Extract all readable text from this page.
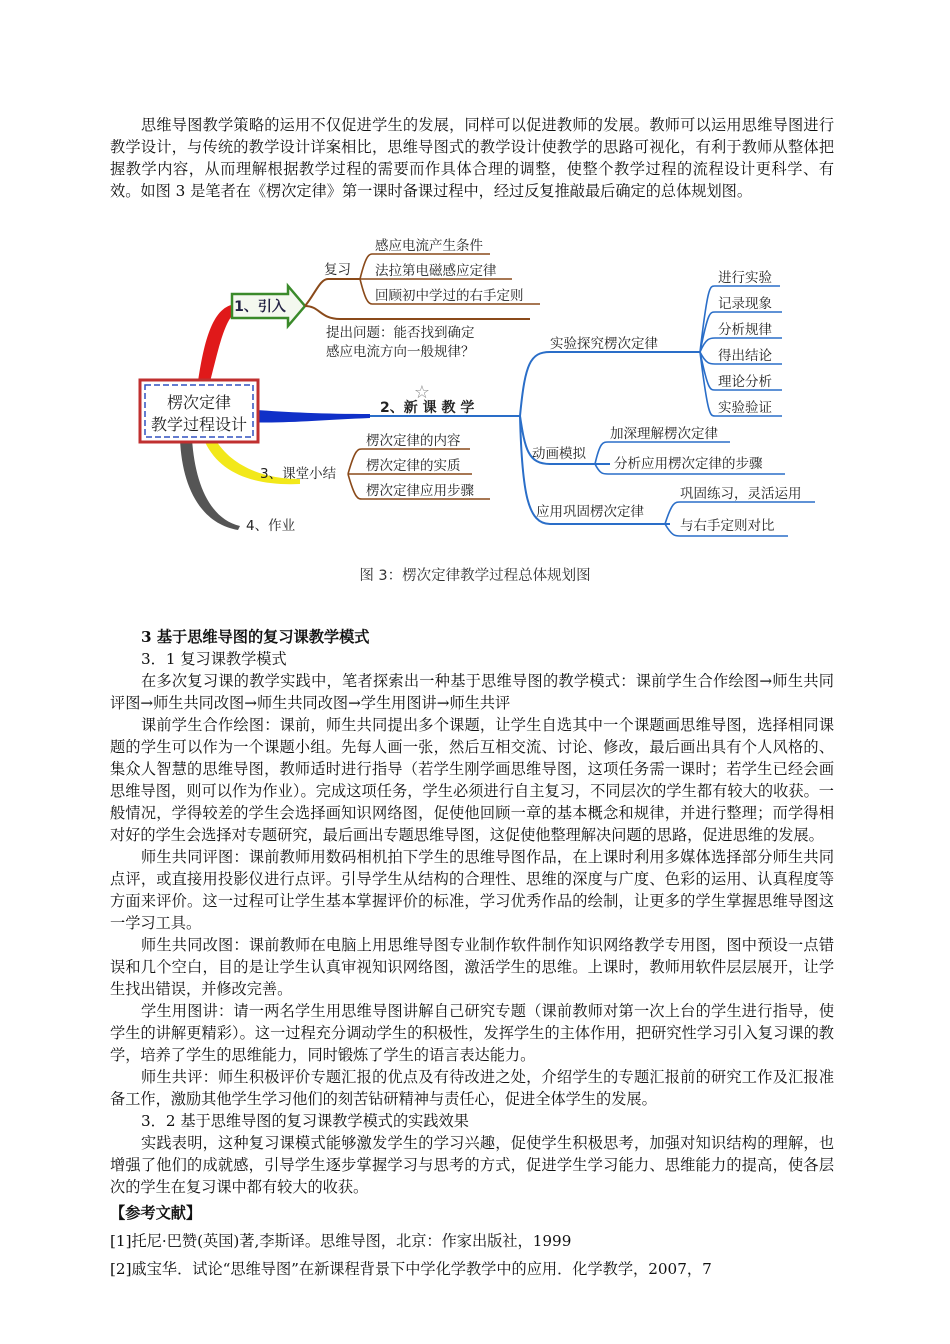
思维导图教学策略的运用不仅促进学生的发展，同样可以促进教师的发展。教师可以运用思维导图进行教学设计，与传统的教学设计详案相比，思维导图式的教学设计使教学的思路可视化，有利于教师从整体把握教学内容，从而理解根据教学过程的需要而作具体合理的调整，使整个教学过程的流程设计更科学、有效。如图 3 是笔者在《楞次定律》第一课时备课过程中，经过反复推敲最后确定的总体规划图。

楞次定律
教学过程设计
1、引入
复习
感应电流产生条件
法拉第电磁感应定律
回顾初中学过的右手定则
提出问题：能否找到确定
感应电流方向一般规律？
2、新 课 教 学
☆
实验探究楞次定律
动画模拟
应用巩固楞次定律
进行实验
记录现象
分析规律
得出结论
理论分析
实验验证
加深理解楞次定律
分析应用楞次定律的步骤
巩固练习，灵活运用
与右手定则对比
3、课堂小结
楞次定律的内容
楞次定律的实质
楞次定律应用步骤
4、作业
图 3：楞次定律教学过程总体规划图

3 基于思维导图的复习课教学模式

3．1 复习课教学模式

在多次复习课的教学实践中，笔者探索出一种基于思维导图的教学模式：课前学生合作绘图→师生共同评图→师生共同改图→师生共同改图→学生用图讲→师生共评

课前学生合作绘图：课前，师生共同提出多个课题，让学生自选其中一个课题画思维导图，选择相同课题的学生可以作为一个课题小组。先每人画一张，然后互相交流、讨论、修改，最后画出具有个人风格的、集众人智慧的思维导图，教师适时进行指导（若学生刚学画思维导图，这项任务需一课时；若学生已经会画思维导图，则可以作为作业）。完成这项任务，学生必须进行自主复习，不同层次的学生都有较大的收获。一般情况，学得较差的学生会选择画知识网络图，促使他回顾一章的基本概念和规律，并进行整理；而学得相对好的学生会选择对专题研究，最后画出专题思维导图，这促使他整理解决问题的思路，促进思维的发展。

师生共同评图：课前教师用数码相机拍下学生的思维导图作品，在上课时利用多媒体选择部分师生共同点评，或直接用投影仪进行点评。引导学生从结构的合理性、思维的深度与广度、色彩的运用、认真程度等方面来评价。这一过程可让学生基本掌握评价的标准，学习优秀作品的绘制，让更多的学生掌握思维导图这一学习工具。

师生共同改图：课前教师在电脑上用思维导图专业制作软件制作知识网络教学专用图，图中预设一点错误和几个空白，目的是让学生认真审视知识网络图，激活学生的思维。上课时，教师用软件层层展开，让学生找出错误，并修改完善。

学生用图讲：请一两名学生用思维导图讲解自己研究专题（课前教师对第一次上台的学生进行指导，使学生的讲解更精彩）。这一过程充分调动学生的积极性，发挥学生的主体作用，把研究性学习引入复习课的教学，培养了学生的思维能力，同时锻炼了学生的语言表达能力。

师生共评：师生积极评价专题汇报的优点及有待改进之处，介绍学生的专题汇报前的研究工作及汇报准备工作，激励其他学生学习他们的刻苦钻研精神与责任心，促进全体学生的发展。

3．2 基于思维导图的复习课教学模式的实践效果

实践表明，这种复习课模式能够激发学生的学习兴趣，促使学生积极思考，加强对知识结构的理解，也增强了他们的成就感，引导学生逐步掌握学习与思考的方式，促进学生学习能力、思维能力的提高，使各层次的学生在复习课中都有较大的收获。

【参考文献】

[1]托尼·巴赞(英国)著,李斯译。思维导图，北京：作家出版社，1999

[2]戚宝华．试论“思维导图”在新课程背景下中学化学教学中的应用．化学教学，2007，7
